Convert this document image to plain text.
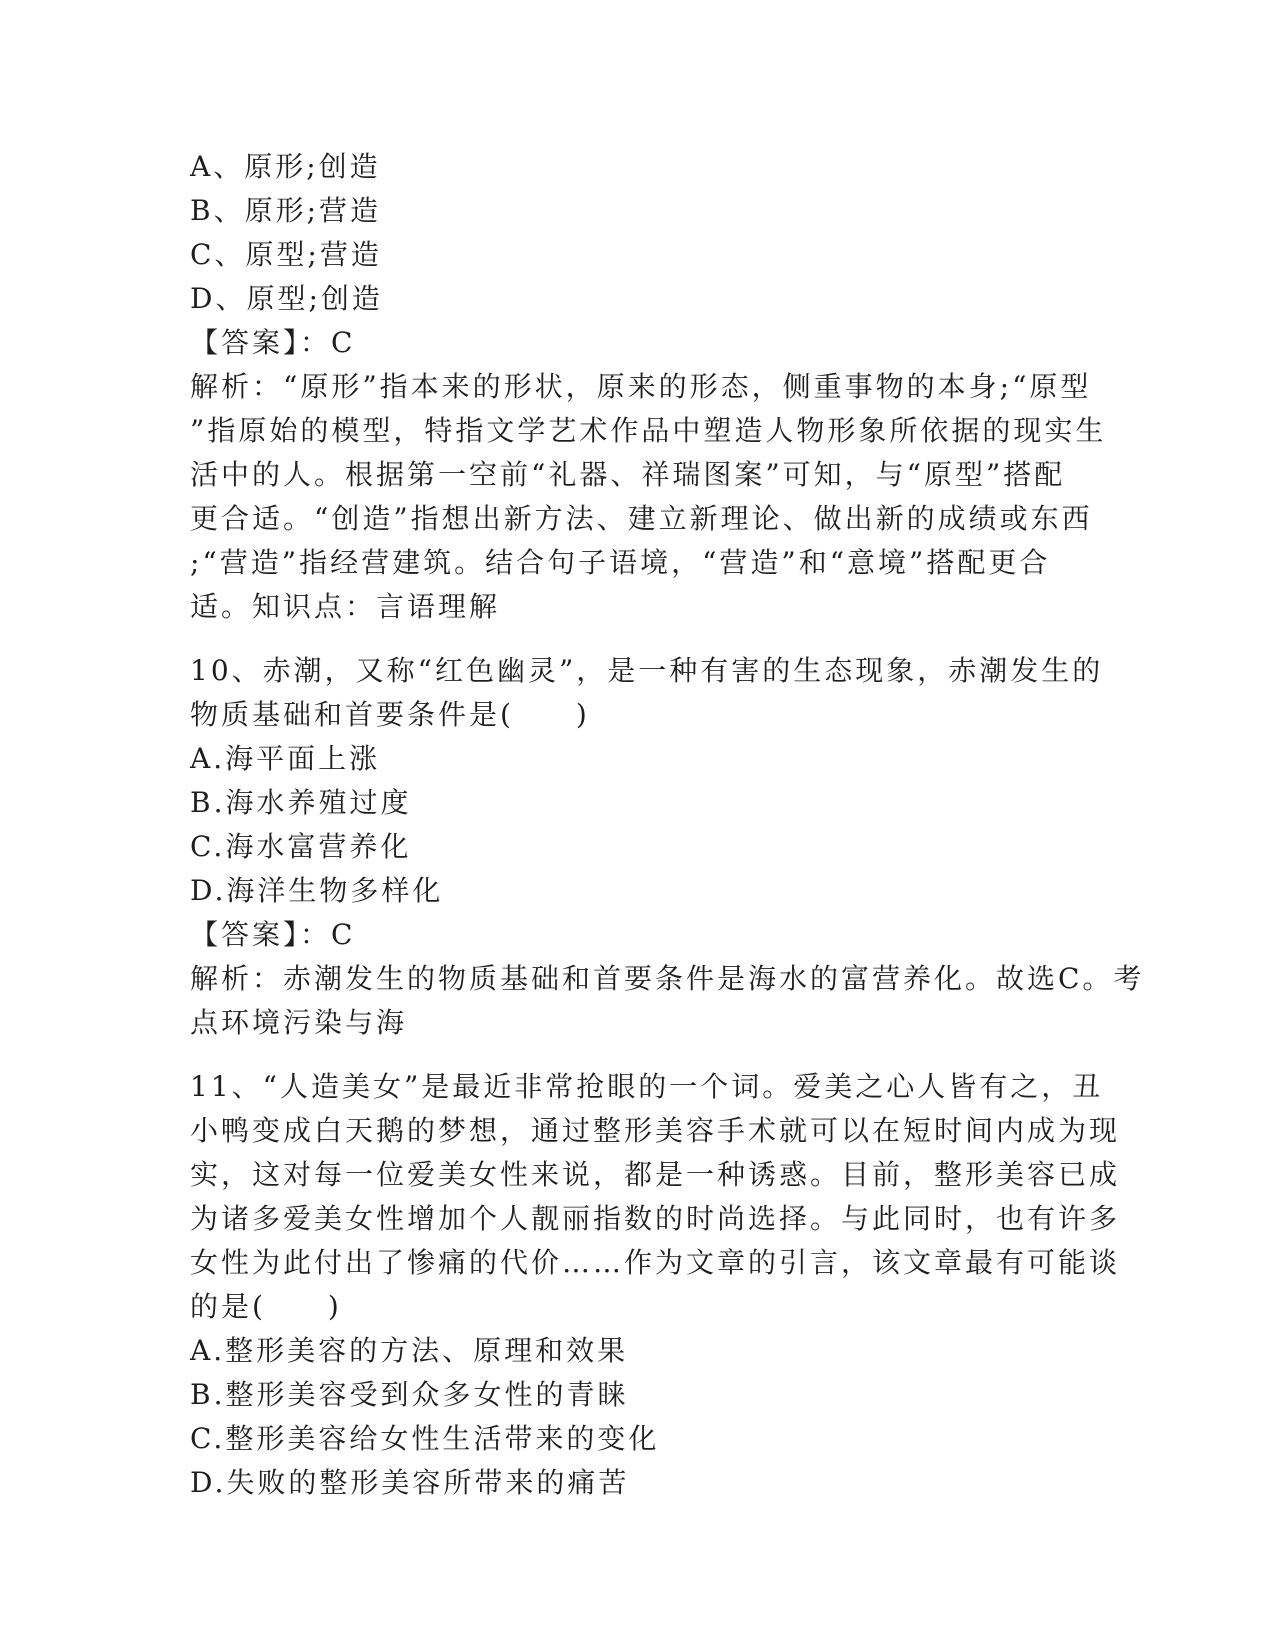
A、原形;创造
B、原形;营造
C、原型;营造
D、原型;创造
【答案】：C
解析：“原形”指本来的形状，原来的形态，侧重事物的本身;“原型
”指原始的模型，特指文学艺术作品中塑造人物形象所依据的现实生
活中的人。根据第一空前“礼器、祥瑞图案”可知，与“原型”搭配
更合适。“创造”指想出新方法、建立新理论、做出新的成绩或东西
;“营造”指经营建筑。结合句子语境，“营造”和“意境”搭配更合
适。知识点：言语理解
10、赤潮，又称“红色幽灵”，是一种有害的生态现象，赤潮发生的
物质基础和首要条件是(　　)
A.海平面上涨
B.海水养殖过度
C.海水富营养化
D.海洋生物多样化
【答案】：C
解析：赤潮发生的物质基础和首要条件是海水的富营养化。故选C。考
点环境污染与海
11、“人造美女”是最近非常抢眼的一个词。爱美之心人皆有之，丑
小鸭变成白天鹅的梦想，通过整形美容手术就可以在短时间内成为现
实，这对每一位爱美女性来说，都是一种诱惑。目前，整形美容已成
为诸多爱美女性增加个人靓丽指数的时尚选择。与此同时，也有许多
女性为此付出了惨痛的代价……作为文章的引言，该文章最有可能谈
的是(　　)
A.整形美容的方法、原理和效果
B.整形美容受到众多女性的青睐
C.整形美容给女性生活带来的变化
D.失败的整形美容所带来的痛苦
